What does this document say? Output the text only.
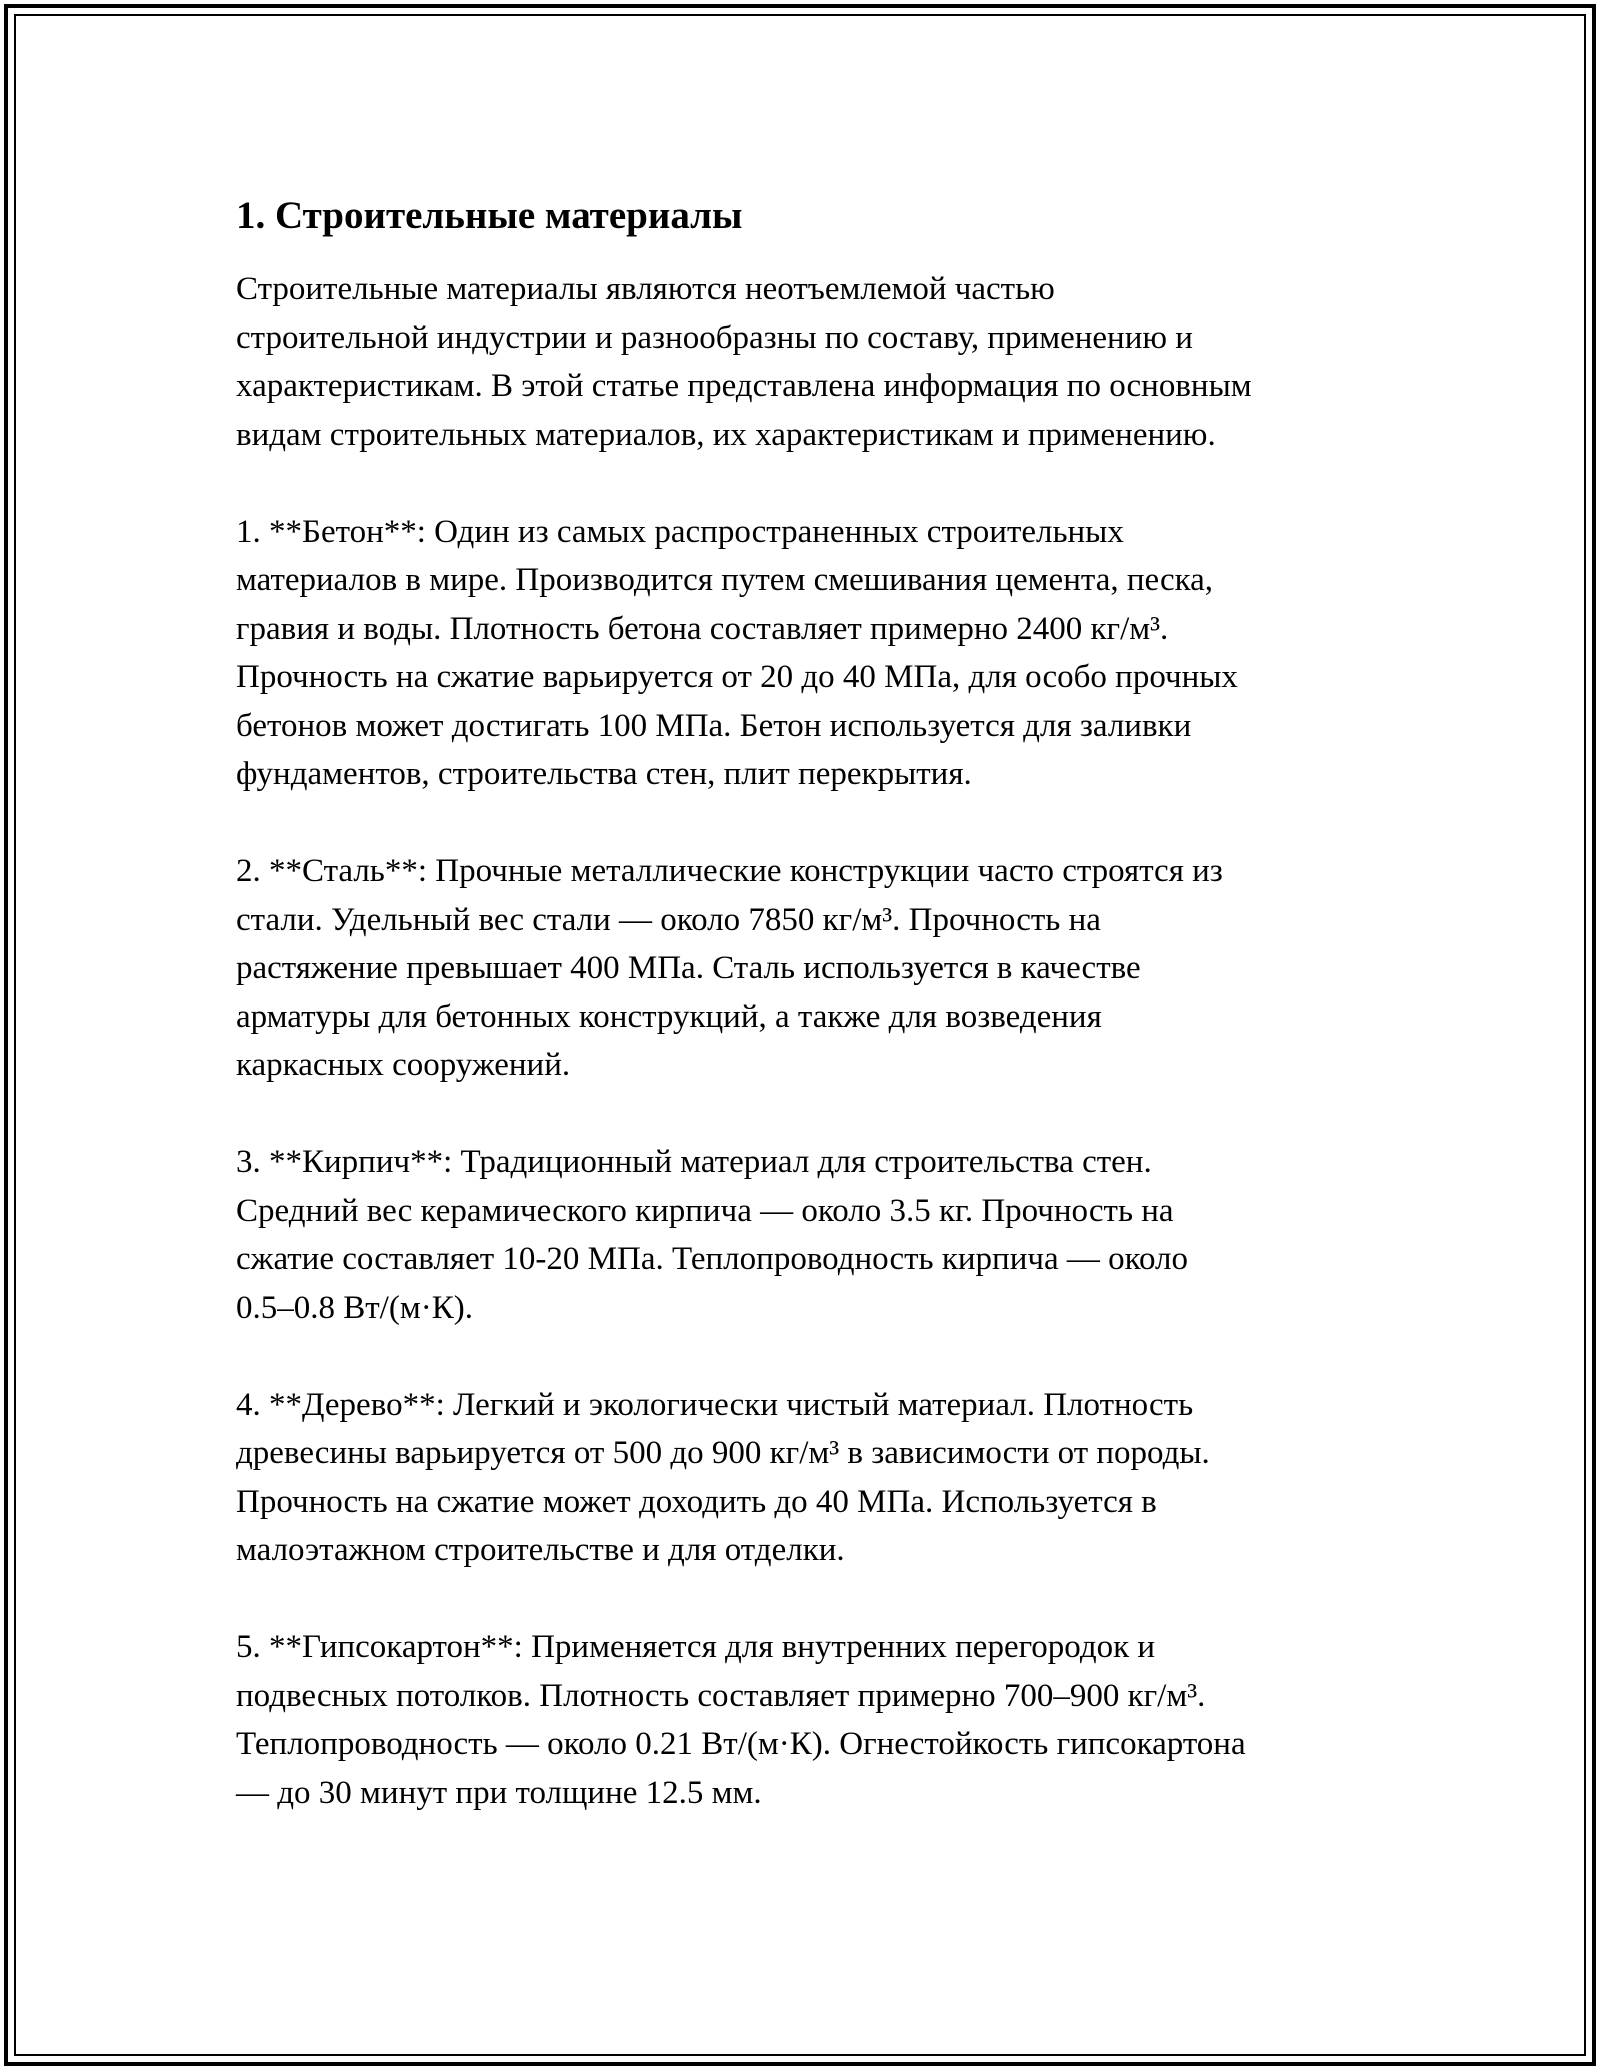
1. Строительные материалы

Строительные материалы являются неотъемлемой частью
строительной индустрии и разнообразны по составу, применению и
характеристикам. В этой статье представлена информация по основным
видам строительных материалов, их характеристикам и применению.

1. **Бетон**: Один из самых распространенных строительных
материалов в мире. Производится путем смешивания цемента, песка,
гравия и воды. Плотность бетона составляет примерно 2400 кг/м³.
Прочность на сжатие варьируется от 20 до 40 МПа, для особо прочных
бетонов может достигать 100 МПа. Бетон используется для заливки
фундаментов, строительства стен, плит перекрытия.

2. **Сталь**: Прочные металлические конструкции часто строятся из
стали. Удельный вес стали — около 7850 кг/м³. Прочность на
растяжение превышает 400 МПа. Сталь используется в качестве
арматуры для бетонных конструкций, а также для возведения
каркасных сооружений.

3. **Кирпич**: Традиционный материал для строительства стен.
Средний вес керамического кирпича — около 3.5 кг. Прочность на
сжатие составляет 10-20 МПа. Теплопроводность кирпича — около
0.5–0.8 Вт/(м·К).

4. **Дерево**: Легкий и экологически чистый материал. Плотность
древесины варьируется от 500 до 900 кг/м³ в зависимости от породы.
Прочность на сжатие может доходить до 40 МПа. Используется в
малоэтажном строительстве и для отделки.

5. **Гипсокартон**: Применяется для внутренних перегородок и
подвесных потолков. Плотность составляет примерно 700–900 кг/м³.
Теплопроводность — около 0.21 Вт/(м·К). Огнестойкость гипсокартона
— до 30 минут при толщине 12.5 мм.
